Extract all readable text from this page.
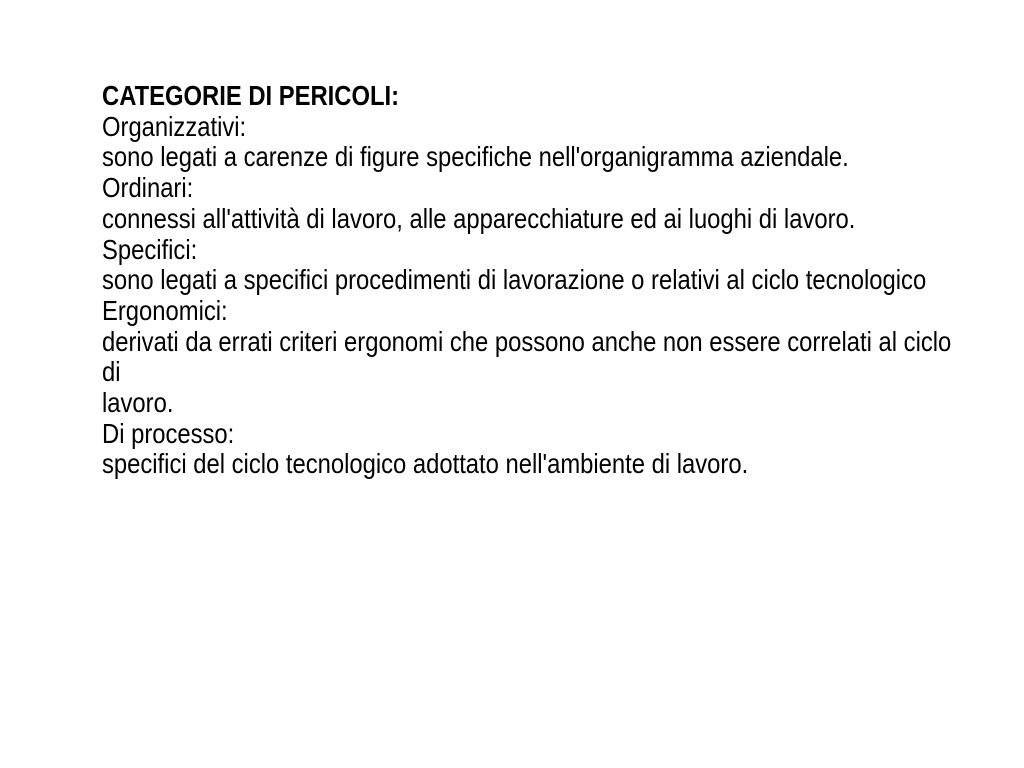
CATEGORIE DI PERICOLI:
Organizzativi:
sono legati a carenze di figure specifiche nell'organigramma aziendale.
Ordinari:
connessi all'attività di lavoro, alle apparecchiature ed ai luoghi di lavoro.
Specifici:
sono legati a specifici procedimenti di lavorazione o relativi al ciclo tecnologico
Ergonomici:
derivati da errati criteri ergonomi che possono anche non essere correlati al ciclo
di
lavoro.
Di processo:
specifici del ciclo tecnologico adottato nell'ambiente di lavoro.
